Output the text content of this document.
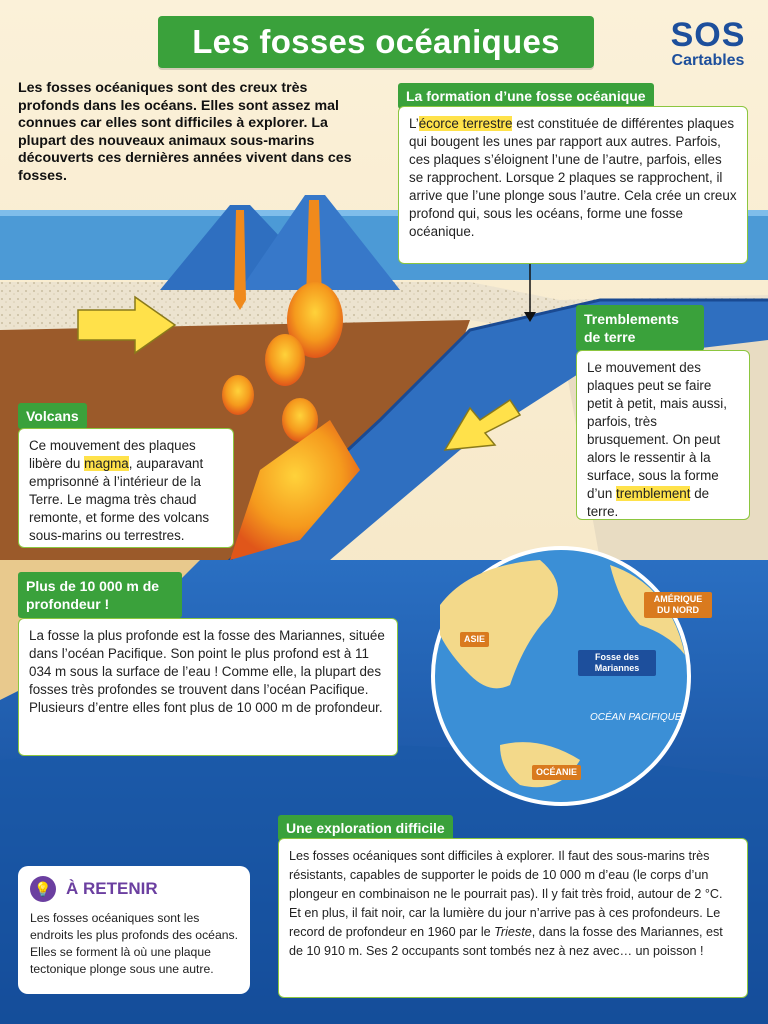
Les fosses océaniques	SOS
Cartables
Les fosses océaniques sont des creux très profonds dans les océans. Elles sont assez mal connues car elles sont difficiles à explorer. La plupart des nouveaux animaux sous-marins découverts ces dernières années vivent dans ces fosses.
La formation d’une fosse océanique
L’écorce terrestre est constituée de différentes plaques qui bougent les unes par rapport aux autres. Parfois, ces plaques s’éloignent l’une de l’autre, parfois, elles se rapprochent. Lorsque 2 plaques se rapprochent, il arrive que l’une plonge sous l’autre. Cela crée un creux profond qui, sous les océans, forme une fosse océanique.
Tremblements de terre
Le mouvement des plaques peut se faire petit à petit, mais aussi, parfois, très brusquement. On peut alors le ressentir à la surface, sous la forme d’un tremblement de terre.
Volcans
Ce mouvement des plaques libère du magma, auparavant emprisonné à l’intérieur de la Terre. Le magma très chaud remonte, et forme des volcans sous-marins ou terrestres.
Plus de 10 000 m de profondeur !
La fosse la plus profonde est la fosse des Mariannes, située dans l’océan Pacifique. Son point le plus profond est à 11 034 m sous la surface de l’eau ! Comme elle, la plupart des fosses très profondes se trouvent dans l’océan Pacifique. Plusieurs d’entre elles font plus de 10 000 m de profondeur.
ASIE
AMÉRIQUE DU NORD
Fosse des Mariannes
OCÉAN PACIFIQUE
OCÉANIE
Une exploration difficile
Les fosses océaniques sont difficiles à explorer. Il faut des sous-marins très résistants, capables de supporter le poids de 10 000 m d’eau (le corps d’un plongeur en combinaison ne le pourrait pas). Il y fait très froid, autour de 2 °C. Et en plus, il fait noir, car la lumière du jour n’arrive pas à ces profondeurs. Le record de profondeur en 1960 par le Trieste, dans la fosse des Mariannes, est de 10 910 m. Ses 2 occupants sont tombés nez à nez avec… un poisson !
💡 À RETENIR
Les fosses océaniques sont les endroits les plus profonds des océans. Elles se forment là où une plaque tectonique plonge sous une autre.
